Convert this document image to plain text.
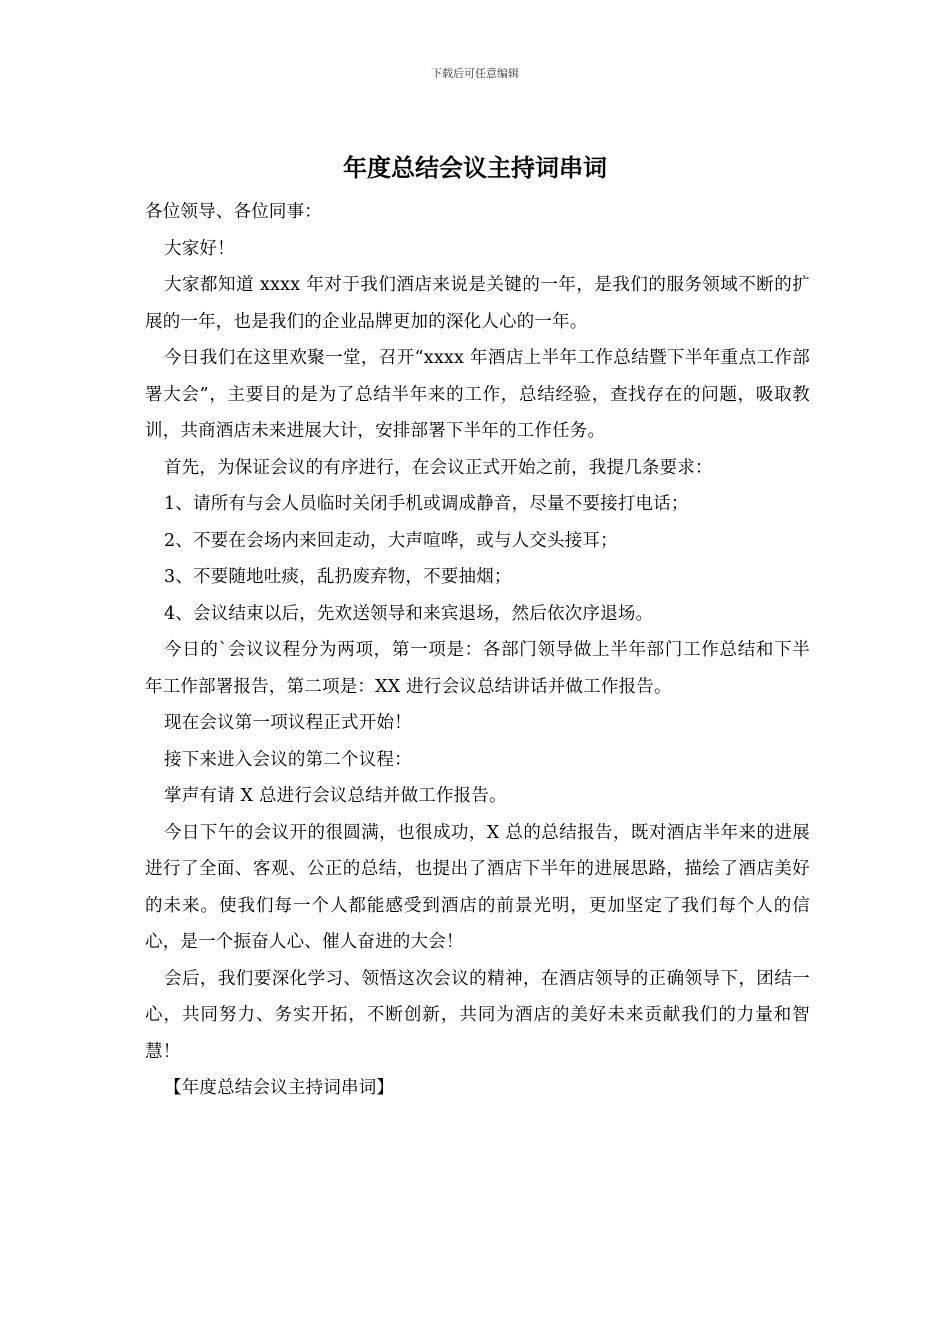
下载后可任意编辑
年度总结会议主持词串词

各位领导、各位同事：

大家好！

大家都知道 xxxx 年对于我们酒店来说是关键的一年，是我们的服务领域不断的扩展的一年，也是我们的企业品牌更加的深化人心的一年。

今日我们在这里欢聚一堂，召开“xxxx 年酒店上半年工作总结暨下半年重点工作部署大会”，主要目的是为了总结半年来的工作，总结经验，查找存在的问题，吸取教训，共商酒店未来进展大计，安排部署下半年的工作任务。

首先，为保证会议的有序进行，在会议正式开始之前，我提几条要求：

1、请所有与会人员临时关闭手机或调成静音，尽量不要接打电话；

2、不要在会场内来回走动，大声喧哗，或与人交头接耳；

3、不要随地吐痰，乱扔废弃物，不要抽烟；

4、会议结束以后，先欢送领导和来宾退场，然后依次序退场。

今日的`会议议程分为两项，第一项是：各部门领导做上半年部门工作总结和下半年工作部署报告，第二项是：XX 进行会议总结讲话并做工作报告。

现在会议第一项议程正式开始！

接下来进入会议的第二个议程：

掌声有请 X 总进行会议总结并做工作报告。

今日下午的会议开的很圆满，也很成功，X 总的总结报告，既对酒店半年来的进展进行了全面、客观、公正的总结，也提出了酒店下半年的进展思路，描绘了酒店美好的未来。使我们每一个人都能感受到酒店的前景光明，更加坚定了我们每个人的信心，是一个振奋人心、催人奋进的大会！

会后，我们要深化学习、领悟这次会议的精神，在酒店领导的正确领导下，团结一心，共同努力、务实开拓，不断创新，共同为酒店的美好未来贡献我们的力量和智慧！

【年度总结会议主持词串词】
